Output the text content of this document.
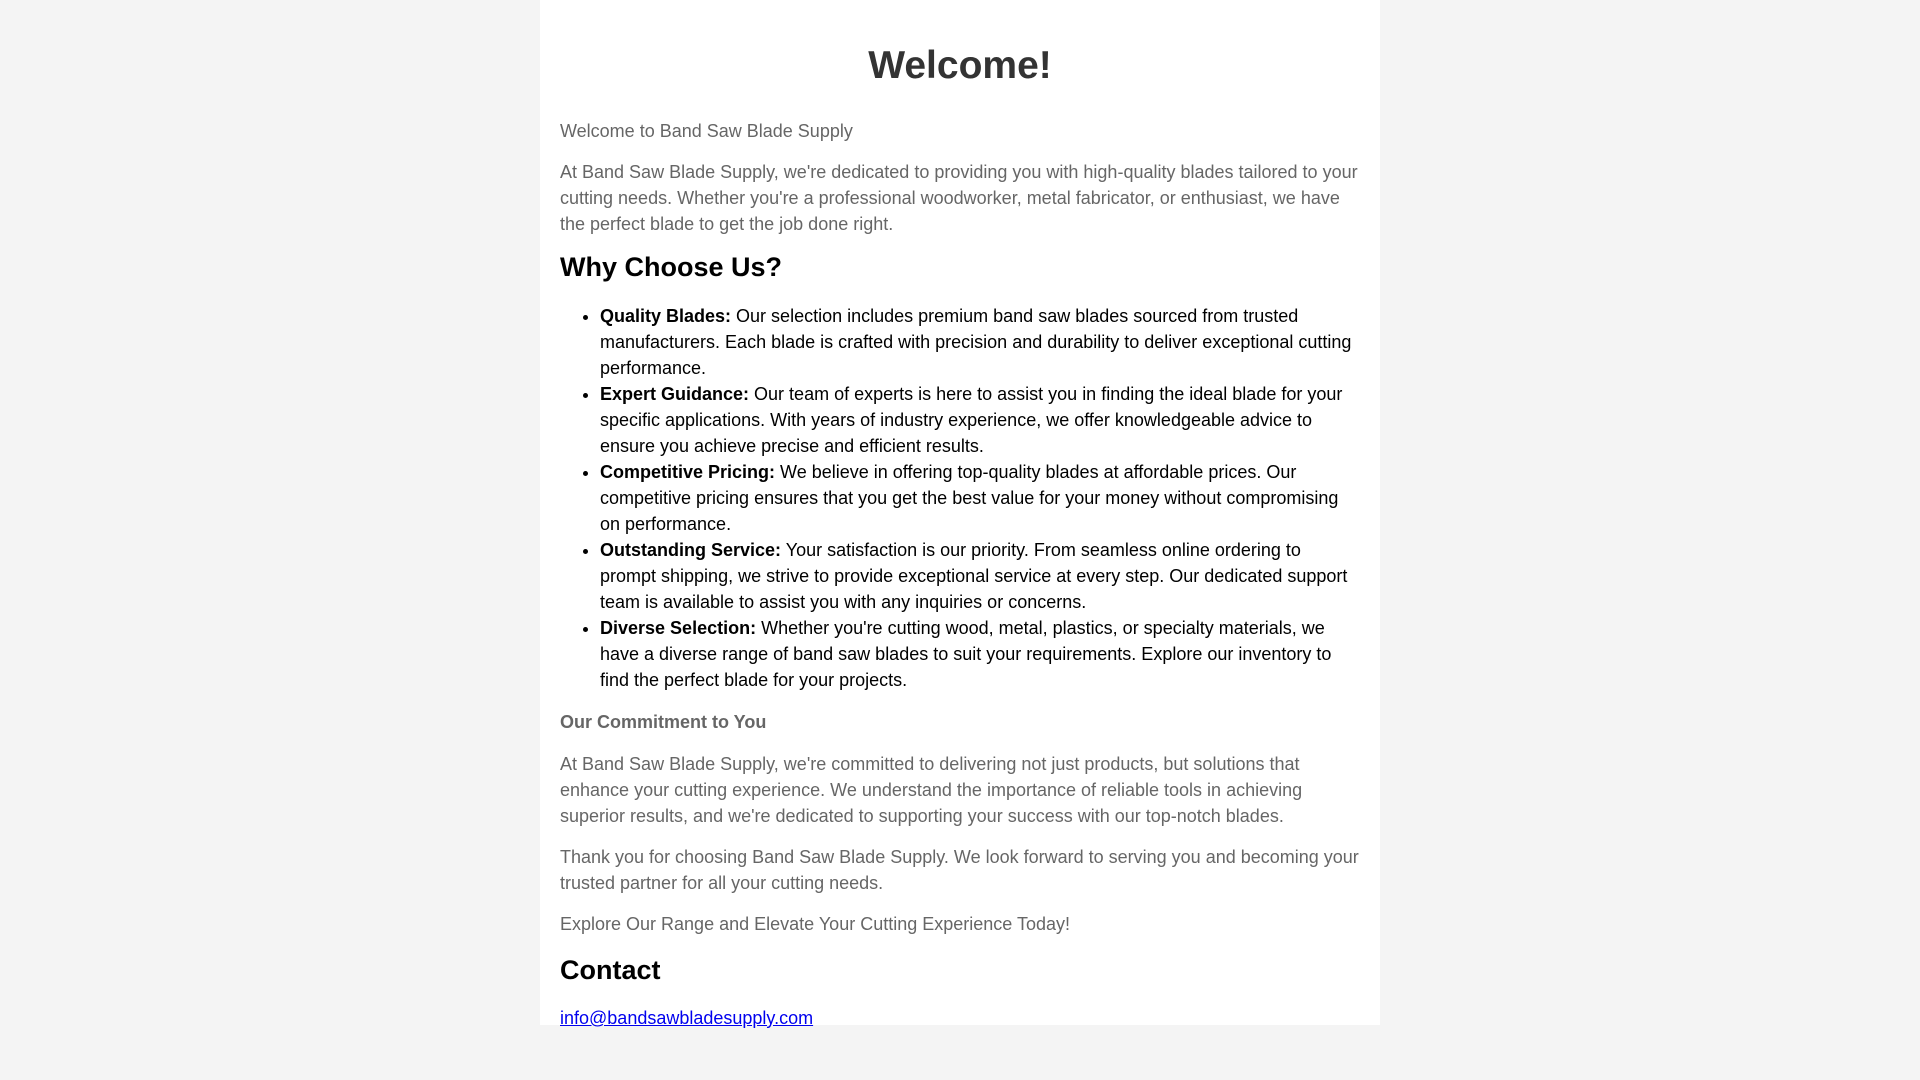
Welcome!

Welcome to Band Saw Blade Supply

At Band Saw Blade Supply, we're dedicated to providing you with high-quality blades tailored to your cutting needs. Whether you're a professional woodworker, metal fabricator, or enthusiast, we have the perfect blade to get the job done right.

Why Choose Us?
• Quality Blades: Our selection includes premium band saw blades sourced from trusted manufacturers. Each blade is crafted with precision and durability to deliver exceptional cutting performance.
• Expert Guidance: Our team of experts is here to assist you in finding the ideal blade for your specific applications. With years of industry experience, we offer knowledgeable advice to ensure you achieve precise and efficient results.
• Competitive Pricing: We believe in offering top-quality blades at affordable prices. Our competitive pricing ensures that you get the best value for your money without compromising on performance.
• Outstanding Service: Your satisfaction is our priority. From seamless online ordering to prompt shipping, we strive to provide exceptional service at every step. Our dedicated support team is available to assist you with any inquiries or concerns.
• Diverse Selection: Whether you're cutting wood, metal, plastics, or specialty materials, we have a diverse range of band saw blades to suit your requirements. Explore our inventory to find the perfect blade for your projects.

Our Commitment to You

At Band Saw Blade Supply, we're committed to delivering not just products, but solutions that enhance your cutting experience. We understand the importance of reliable tools in achieving superior results, and we're dedicated to supporting your success with our top-notch blades.

Thank you for choosing Band Saw Blade Supply. We look forward to serving you and becoming your trusted partner for all your cutting needs.

Explore Our Range and Elevate Your Cutting Experience Today!

Contact
info@bandsawbladesupply.com
